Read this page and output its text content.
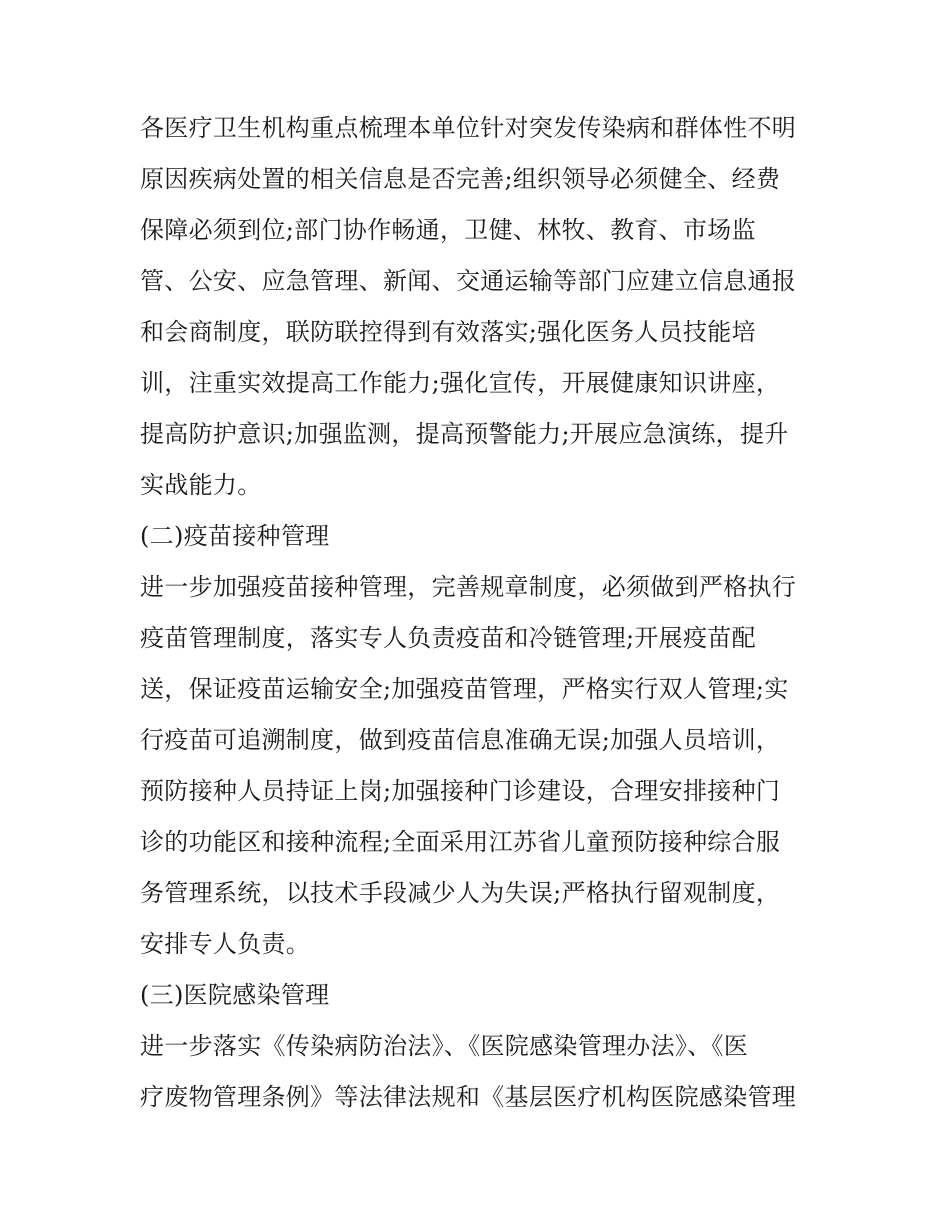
各医疗卫生机构重点梳理本单位针对突发传染病和群体性不明
原因疾病处置的相关信息是否完善;组织领导必须健全、经费
保障必须到位;部门协作畅通，卫健、林牧、教育、市场监
管、公安、应急管理、新闻、交通运输等部门应建立信息通报
和会商制度，联防联控得到有效落实;强化医务人员技能培
训，注重实效提高工作能力;强化宣传，开展健康知识讲座，
提高防护意识;加强监测，提高预警能力;开展应急演练，提升
实战能力。
(二)疫苗接种管理
进一步加强疫苗接种管理，完善规章制度，必须做到严格执行
疫苗管理制度，落实专人负责疫苗和冷链管理;开展疫苗配
送，保证疫苗运输安全;加强疫苗管理，严格实行双人管理;实
行疫苗可追溯制度，做到疫苗信息准确无误;加强人员培训，
预防接种人员持证上岗;加强接种门诊建设，合理安排接种门
诊的功能区和接种流程;全面采用江苏省儿童预防接种综合服
务管理系统，以技术手段减少人为失误;严格执行留观制度，
安排专人负责。
(三)医院感染管理
进一步落实《传染病防治法》、《医院感染管理办法》、《医
疗废物管理条例》等法律法规和《基层医疗机构医院感染管理
